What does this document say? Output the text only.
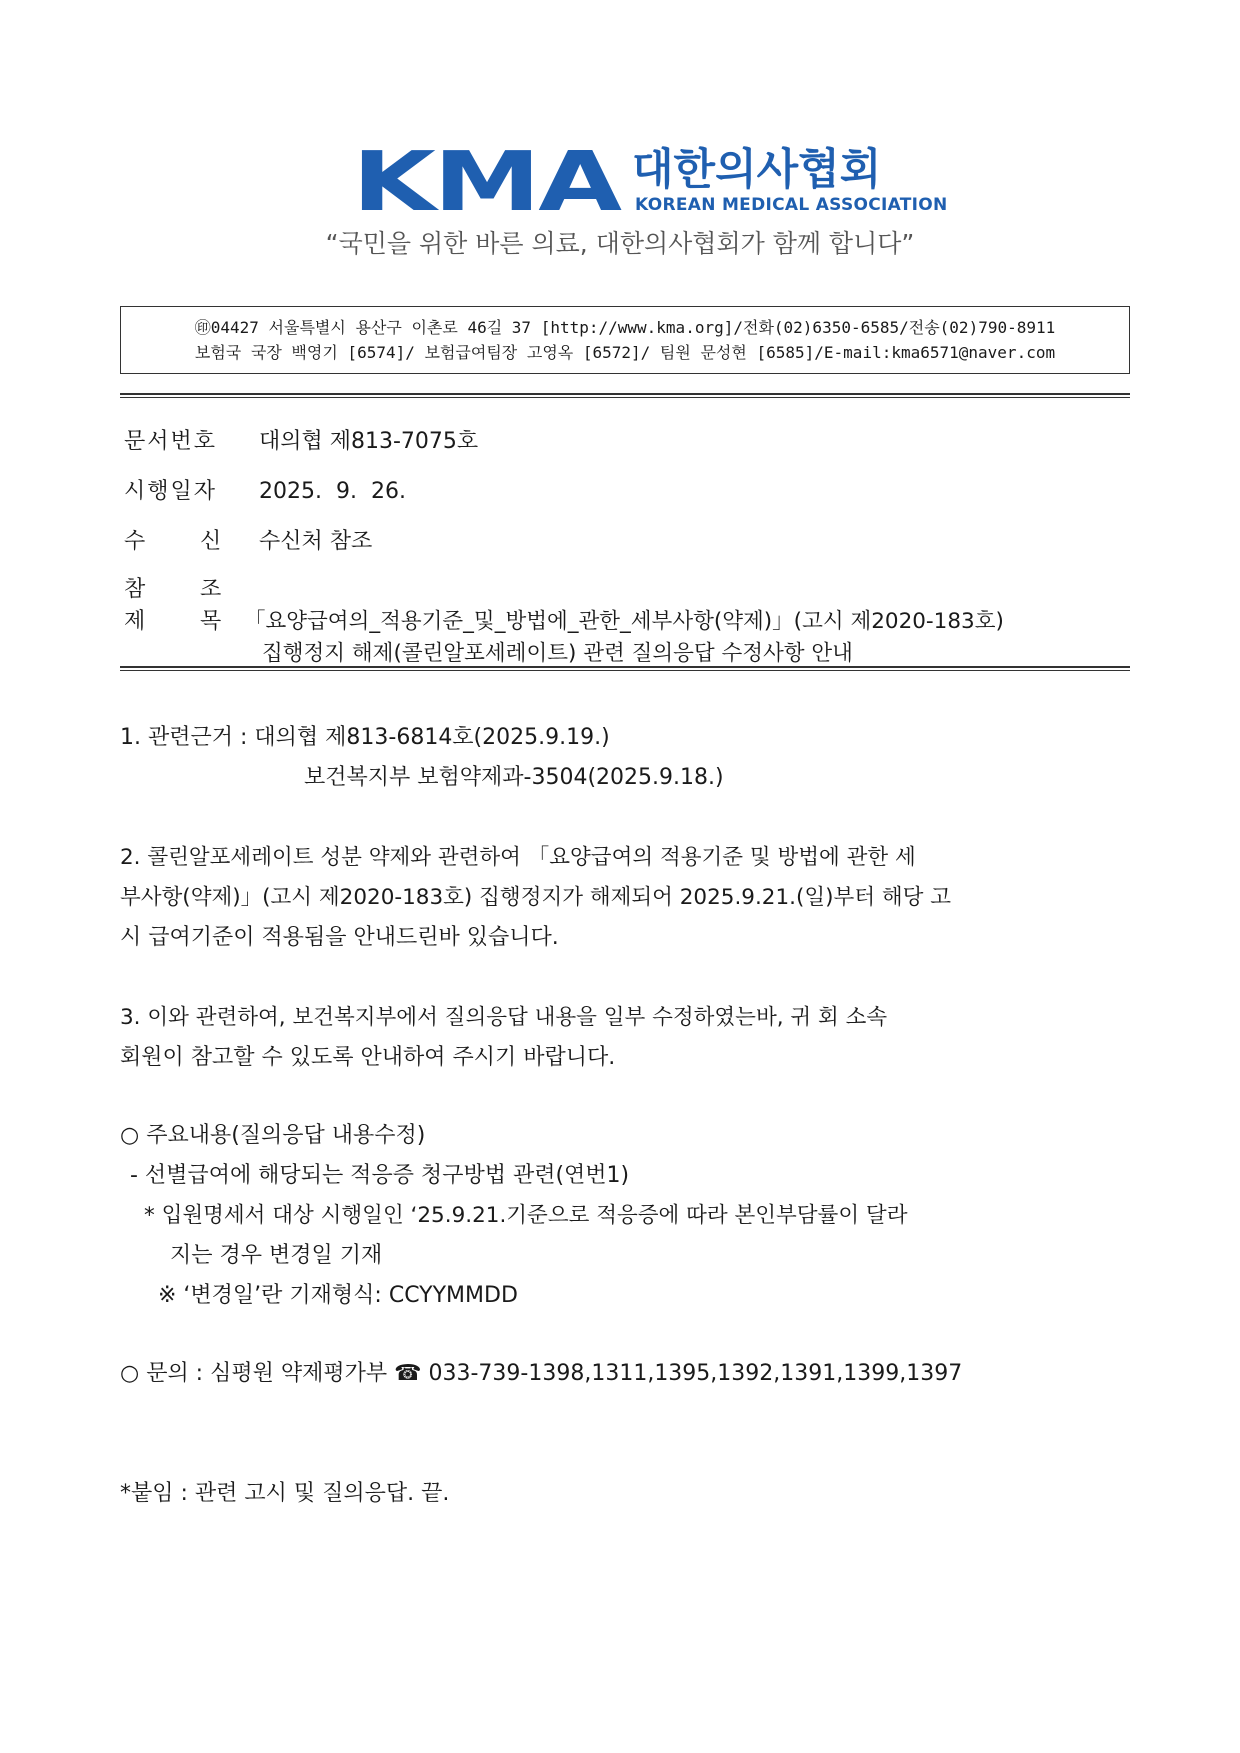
KMA 대한의사협회
KOREAN MEDICAL ASSOCIATION
“국민을 위한 바른 의료, 대한의사협회가 함께 합니다”
㊞04427 서울특별시 용산구 이촌로 46길 37 [http://www.kma.org]/전화(02)6350-6585/전송(02)790-8911
보험국 국장 백영기 [6574]/ 보험급여팀장 고영옥 [6572]/ 팀원 문성현 [6585]/E-mail:kma6571@naver.com
문서번호 대의협 제813-7075호
시행일자 2025.  9.  26.
수 신 수신처 참조
참 조
제 목 「요양급여의_적용기준_및_방법에_관한_세부사항(약제)」(고시 제2020-183호)
집행정지 해제(콜린알포세레이트) 관련 질의응답 수정사항 안내
1. 관련근거 : 대의협 제813-6814호(2025.9.19.)
보건복지부 보험약제과-3504(2025.9.18.)
2. 콜린알포세레이트 성분 약제와 관련하여 「요양급여의 적용기준 및 방법에 관한 세
부사항(약제)」(고시 제2020-183호) 집행정지가 해제되어 2025.9.21.(일)부터 해당 고
시 급여기준이 적용됨을 안내드린바 있습니다.
3. 이와 관련하여, 보건복지부에서 질의응답 내용을 일부 수정하였는바, 귀 회 소속
회원이 참고할 수 있도록 안내하여 주시기 바랍니다.
○ 주요내용(질의응답 내용수정)
- 선별급여에 해당되는 적응증 청구방법 관련(연번1)
* 입원명세서 대상 시행일인 ‘25.9.21.기준으로 적응증에 따라 본인부담률이 달라
지는 경우 변경일 기재
※ ‘변경일’란 기재형식: CCYYMMDD
○ 문의 : 심평원 약제평가부 ☎ 033-739-1398,1311,1395,1392,1391,1399,1397
*붙임 : 관련 고시 및 질의응답. 끝.
